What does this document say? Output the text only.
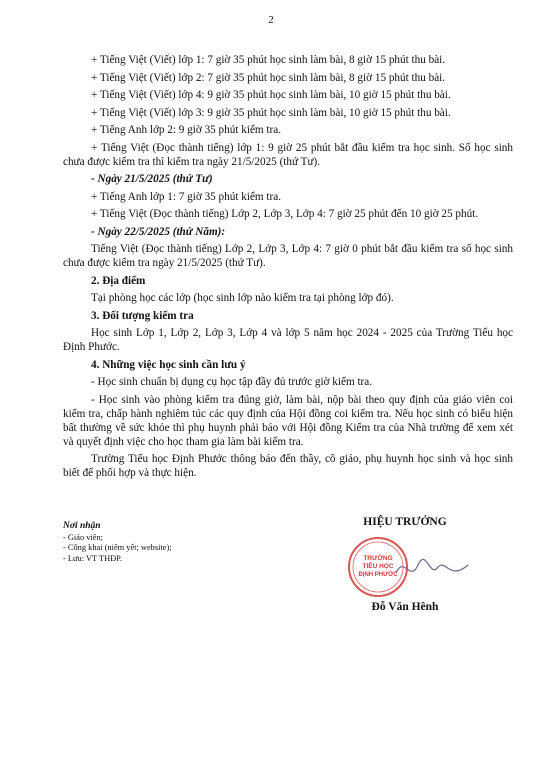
2

+ Tiếng Việt (Viết) lớp 1: 7 giờ 35 phút học sinh làm bài, 8 giờ 15 phút thu bài.

+ Tiếng Việt (Viết) lớp 2: 7 giờ 35 phút học sinh làm bài, 8 giờ 15 phút thu bài.

+ Tiếng Việt (Viết) lớp 4: 9 giờ 35 phút học sinh làm bài, 10 giờ 15 phút thu bài.

+ Tiếng Việt (Viết) lớp 3: 9 giờ 35 phút học sinh làm bài, 10 giờ 15 phút thu bài.

+ Tiếng Anh lớp 2: 9 giờ 35 phút kiểm tra.

+ Tiếng Việt (Đọc thành tiếng) lớp 1: 9 giờ 25 phút bắt đầu kiểm tra học sinh. Số học sinh chưa được kiểm tra thì kiểm tra ngày 21/5/2025 (thứ Tư).

- Ngày 21/5/2025 (thứ Tư)

+ Tiếng Anh lớp 1: 7 giờ 35 phút kiểm tra.

+ Tiếng Việt (Đọc thành tiếng) Lớp 2, Lớp 3, Lớp 4: 7 giờ 25 phút đến 10 giờ 25 phút.

- Ngày 22/5/2025 (thứ Năm):

Tiếng Việt (Đọc thành tiếng) Lớp 2, Lớp 3, Lớp 4: 7 giờ 0 phút bắt đầu kiểm tra số học sinh chưa được kiểm tra ngày 21/5/2025 (thứ Tư).

2. Địa điểm

Tại phòng học các lớp (học sinh lớp nào kiểm tra tại phòng lớp đó).

3. Đối tượng kiểm tra

Học sinh Lớp 1, Lớp 2, Lớp 3, Lớp 4 và lớp 5 năm học 2024 - 2025 của Trường Tiểu học Định Phước.

4. Những việc học sinh cần lưu ý

- Học sinh chuẩn bị dụng cụ học tập đầy đủ trước giờ kiểm tra.

- Học sinh vào phòng kiểm tra đúng giờ, làm bài, nộp bài theo quy định của giáo viên coi kiểm tra, chấp hành nghiêm túc các quy định của Hội đồng coi kiểm tra. Nếu học sinh có biểu hiện bất thường về sức khỏe thì phụ huynh phải báo với Hội đồng Kiểm tra của Nhà trường để xem xét và quyết định việc cho học tham gia làm bài kiểm tra.

Trường Tiểu học Định Phước thông báo đến thầy, cô giáo, phụ huynh học sinh và học sinh biết để phối hợp và thực hiện.

Nơi nhận
- Giáo viên;
- Công khai (niêm yết; website);
- Lưu: VT THĐP.
HIỆU TRƯỞNG
TRƯỜNG
TIỂU HỌC
ĐỊNH PHƯỚC
Đỗ Văn Hênh
